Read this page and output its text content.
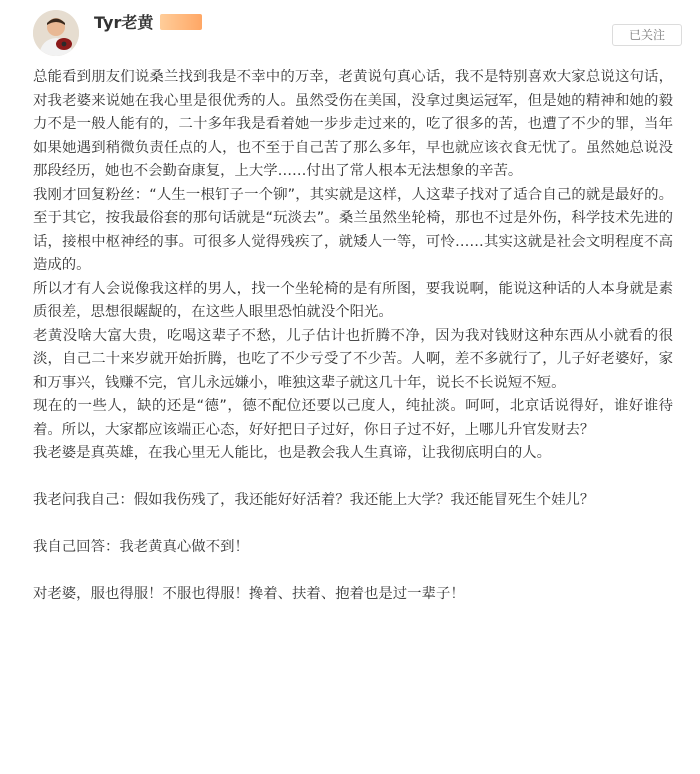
Tyr老黄
已关注

总能看到朋友们说桑兰找到我是不幸中的万幸，老黄说句真心话，我不是特别喜欢大家总说这句话，对我老婆来说她在我心里是很优秀的人。虽然受伤在美国，没拿过奥运冠军，但是她的精神和她的毅力不是一般人能有的，二十多年我是看着她一步步走过来的，吃了很多的苦，也遭了不少的罪，当年如果她遇到稍微负责任点的人，也不至于自己苦了那么多年，早也就应该衣食无忧了。虽然她总说没那段经历，她也不会勤奋康复，上大学……付出了常人根本无法想象的辛苦。

我刚才回复粉丝：“人生一根钉子一个铆”，其实就是这样，人这辈子找对了适合自己的就是最好的。至于其它，按我最俗套的那句话就是“玩淡去”。桑兰虽然坐轮椅，那也不过是外伤，科学技术先进的话，接根中枢神经的事。可很多人觉得残疾了，就矮人一等，可怜……其实这就是社会文明程度不高造成的。

所以才有人会说像我这样的男人，找一个坐轮椅的是有所图，要我说啊，能说这种话的人本身就是素质很差，思想很龌龊的，在这些人眼里恐怕就没个阳光。

老黄没啥大富大贵，吃喝这辈子不愁，儿子估计也折腾不净，因为我对钱财这种东西从小就看的很淡，自己二十来岁就开始折腾，也吃了不少亏受了不少苦。人啊，差不多就行了，儿子好老婆好，家和万事兴，钱赚不完，官儿永远嫌小，唯独这辈子就这几十年，说长不长说短不短。

现在的一些人，缺的还是“德”，德不配位还要以己度人，纯扯淡。呵呵，北京话说得好，谁好谁待着。所以，大家都应该端正心态，好好把日子过好，你日子过不好，上哪儿升官发财去？

我老婆是真英雄，在我心里无人能比，也是教会我人生真谛，让我彻底明白的人。

我老问我自己：假如我伤残了，我还能好好活着？我还能上大学？我还能冒死生个娃儿？

我自己回答：我老黄真心做不到！

对老婆，服也得服！不服也得服！搀着、扶着、抱着也是过一辈子！
